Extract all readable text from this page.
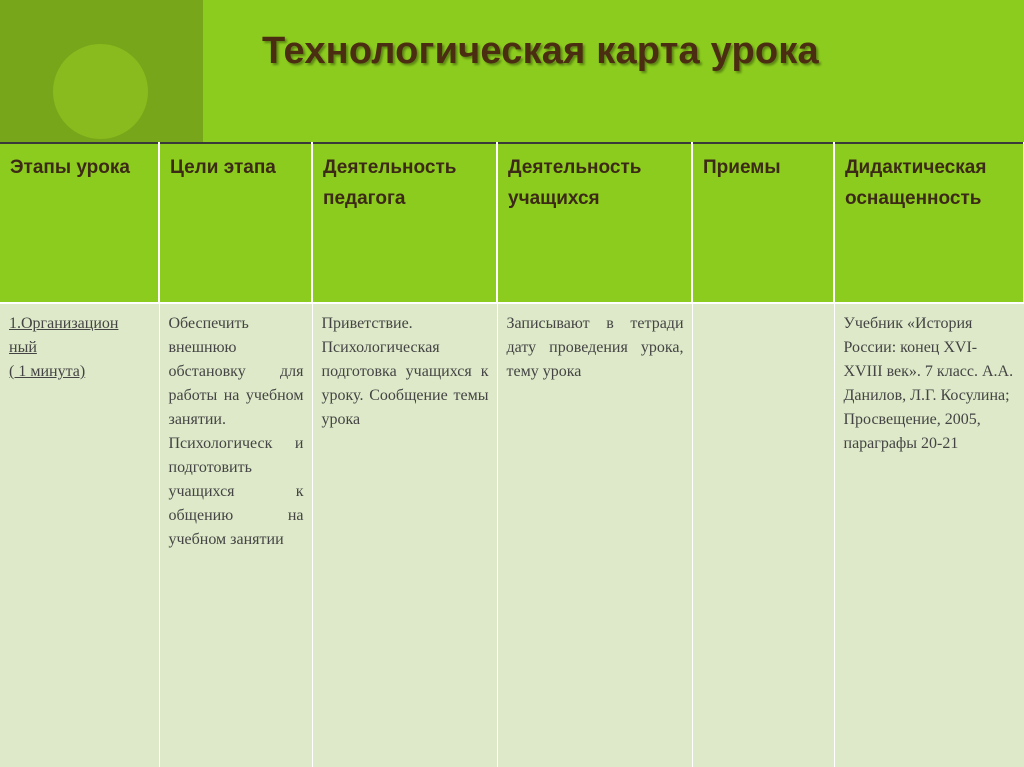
Технологическая карта урока
Этапы урока	Цели этапа	Деятельность педагога	Деятельность учащихся	Приемы	Дидактическая оснащенность

1.Организацион
ный
( 1 минута)	Обеспечить внешнюю обстановку для работы на учебном занятии. Психологическ и подготовить учащихся к общению на учебном занятии	Приветствие. Психологическая подготовка учащихся к уроку. Сообщение темы урока	Записывают в тетради дату проведения урока, тему урока		Учебник «История России: конец XVI-XVIII век». 7 класс. А.А. Данилов, Л.Г. Косулина; Просвещение, 2005, параграфы 20-21
